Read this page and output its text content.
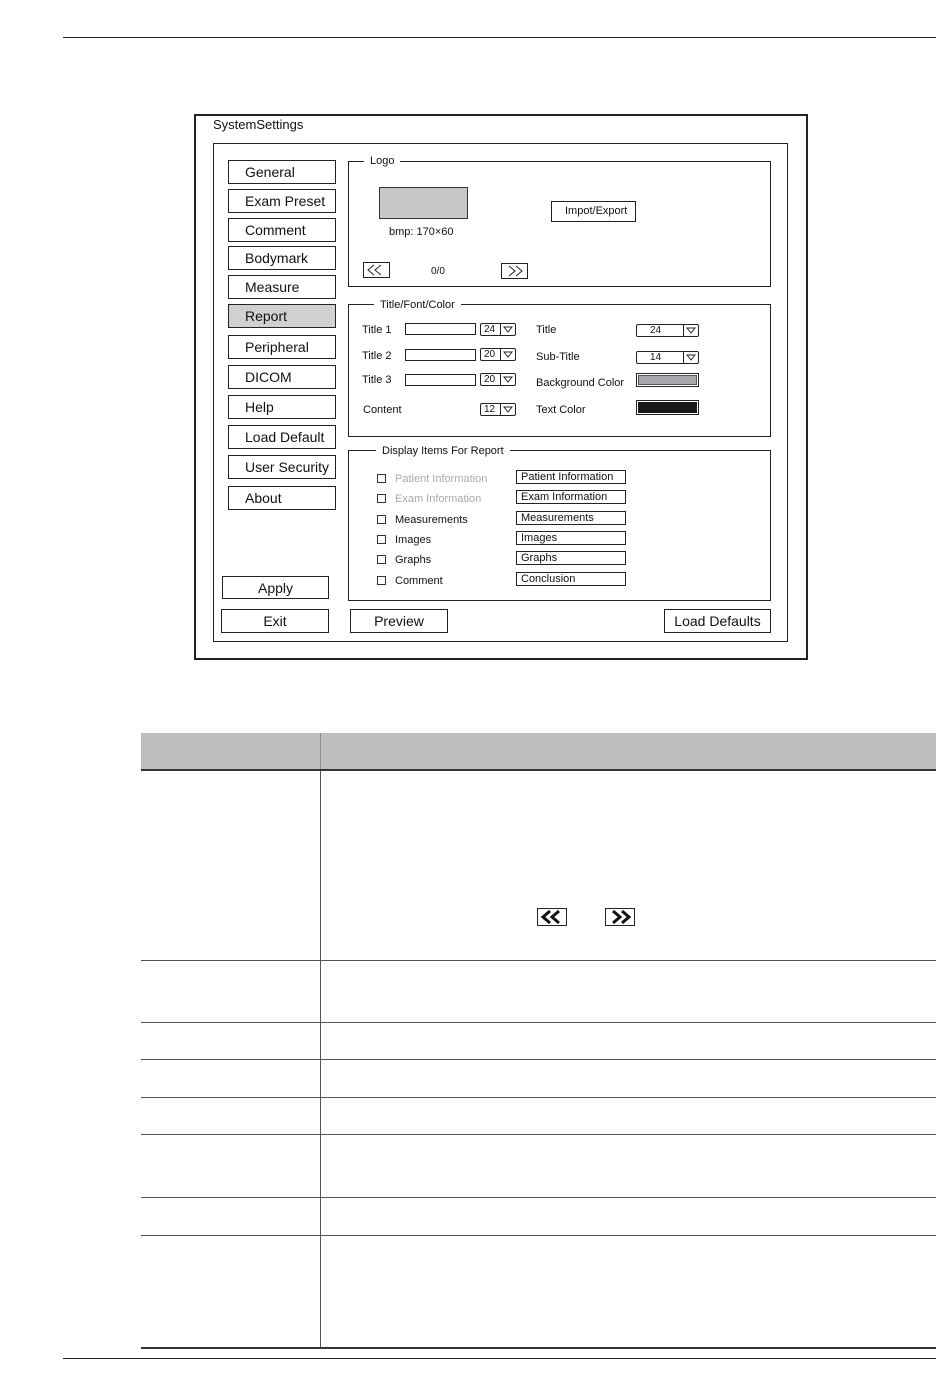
SystemSettings
General
Exam Preset
Comment
Bodymark
Measure
Report
Peripheral
DICOM
Help
Load Default
User Security
About
Apply
Exit
Logo
bmp: 170×60
Impot/Export
0/0
Title/Font/Color
Title 1	24
Title 2	20
Title 3	20
Content	12
Title	24
Sub-Title	14
Background Color
Text Color
Display Items For Report
Patient Information	Patient Information
Exam Information	Exam Information
Measurements	Measurements
Images	Images
Graphs	Graphs
Comment	Conclusion
Preview	Load Defaults
